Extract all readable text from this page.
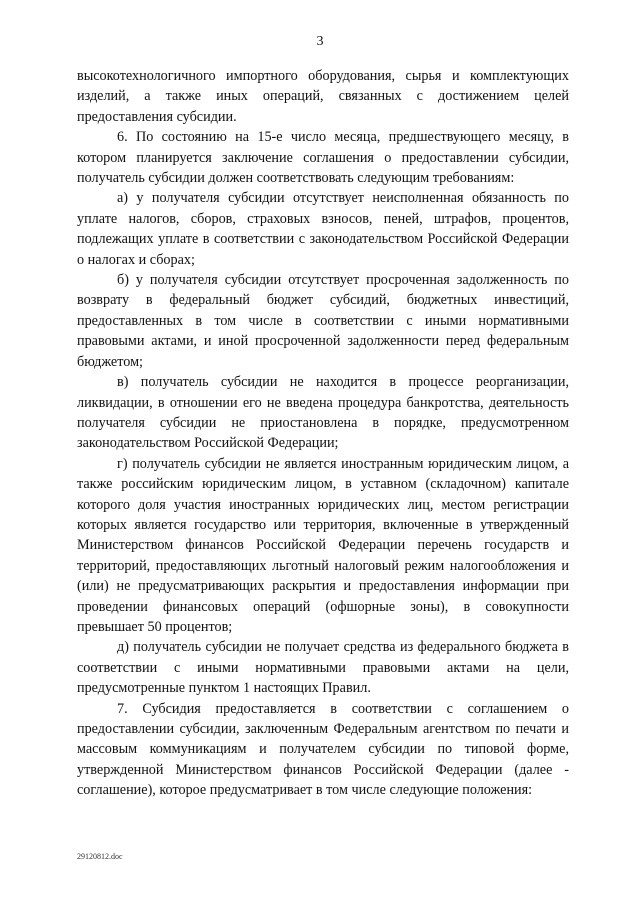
3

высокотехнологичного импортного оборудования, сырья и комплектующих изделий, а также иных операций, связанных с достижением целей предоставления субсидии.

6. По состоянию на 15-е число месяца, предшествующего месяцу, в котором планируется заключение соглашения о предоставлении субсидии, получатель субсидии должен соответствовать следующим требованиям:

а) у получателя субсидии отсутствует неисполненная обязанность по уплате налогов, сборов, страховых взносов, пеней, штрафов, процентов, подлежащих уплате в соответствии с законодательством Российской Федерации о налогах и сборах;

б) у получателя субсидии отсутствует просроченная задолженность по возврату в федеральный бюджет субсидий, бюджетных инвестиций, предоставленных в том числе в соответствии с иными нормативными правовыми актами, и иной просроченной задолженности перед федеральным бюджетом;

в) получатель субсидии не находится в процессе реорганизации, ликвидации, в отношении его не введена процедура банкротства, деятельность получателя субсидии не приостановлена в порядке, предусмотренном законодательством Российской Федерации;

г) получатель субсидии не является иностранным юридическим лицом, а также российским юридическим лицом, в уставном (складочном) капитале которого доля участия иностранных юридических лиц, местом регистрации которых является государство или территория, включенные в утвержденный Министерством финансов Российской Федерации перечень государств и территорий, предоставляющих льготный налоговый режим налогообложения и (или) не предусматривающих раскрытия и предоставления информации при проведении финансовых операций (офшорные зоны), в совокупности превышает 50 процентов;

д) получатель субсидии не получает средства из федерального бюджета в соответствии с иными нормативными правовыми актами на цели, предусмотренные пунктом 1 настоящих Правил.

7. Субсидия предоставляется в соответствии с соглашением о предоставлении субсидии, заключенным Федеральным агентством по печати и массовым коммуникациям и получателем субсидии по типовой форме, утвержденной Министерством финансов Российской Федерации (далее - соглашение), которое предусматривает в том числе следующие положения:

29120812.doc
